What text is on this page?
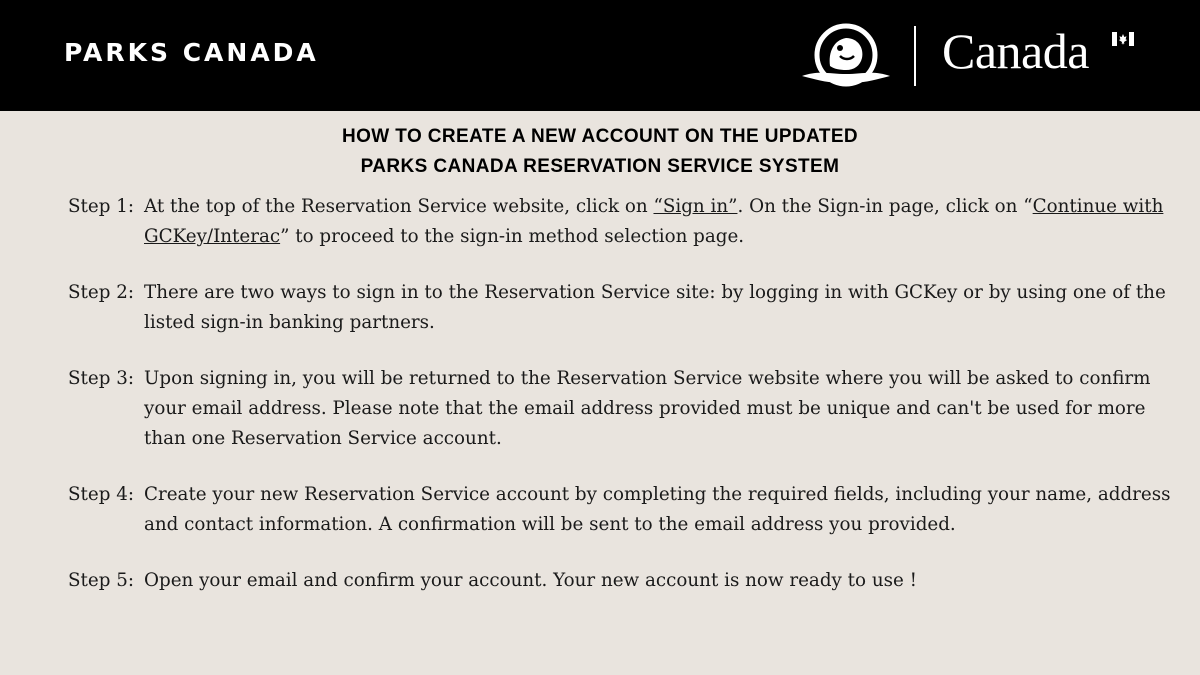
PARKS CANADA	Canada
HOW TO CREATE A NEW ACCOUNT ON THE UPDATED
PARKS CANADA RESERVATION SERVICE SYSTEM
Step 1: At the top of the Reservation Service website, click on “Sign in”. On the Sign-in page, click on “Continue with GCKey/Interac” to proceed to the sign-in method selection page.
Step 2: There are two ways to sign in to the Reservation Service site: by logging in with GCKey or by using one of the listed sign-in banking partners.
Step 3: Upon signing in, you will be returned to the Reservation Service website where you will be asked to confirm your email address. Please note that the email address provided must be unique and can't be used for more than one Reservation Service account.
Step 4: Create your new Reservation Service account by completing the required fields, including your name, address and contact information. A confirmation will be sent to the email address you provided.
Step 5: Open your email and confirm your account. Your new account is now ready to use !
